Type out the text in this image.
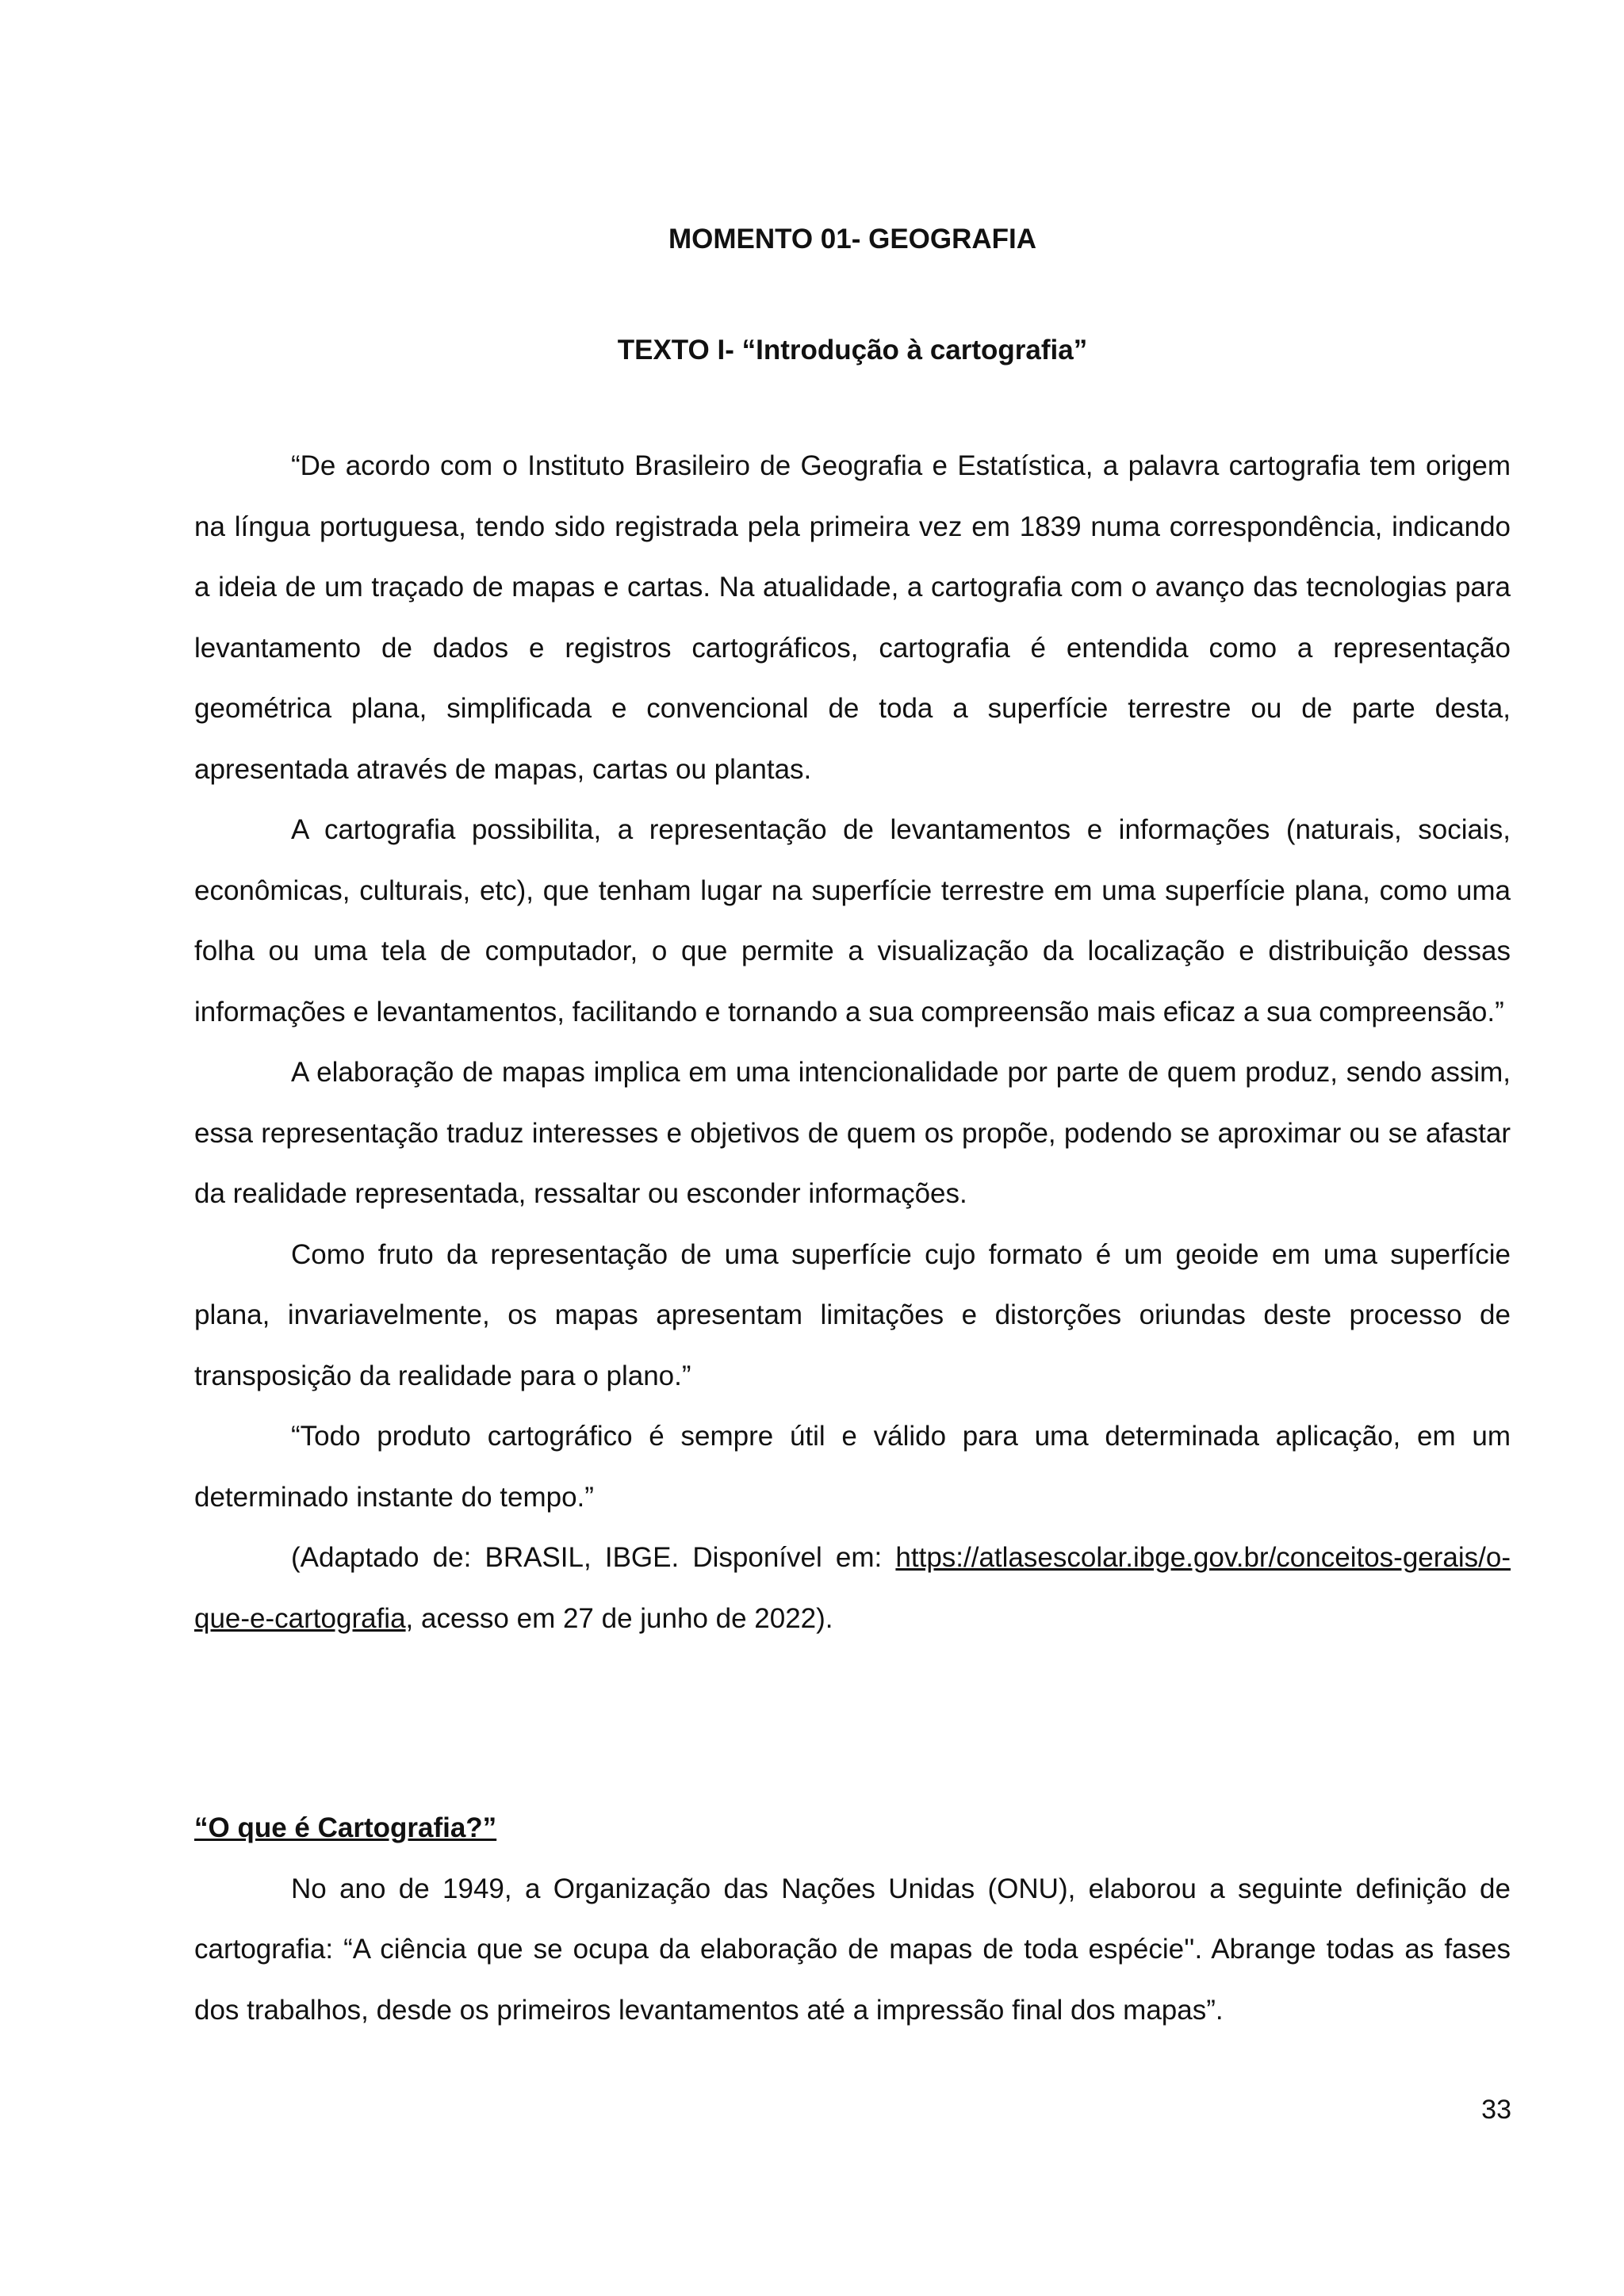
MOMENTO 01- GEOGRAFIA

TEXTO I- “Introdução à cartografia”

“De acordo com o Instituto Brasileiro de Geografia e Estatística, a palavra cartografia tem origem na língua portuguesa, tendo sido registrada pela primeira vez em 1839 numa correspondência, indicando a ideia de um traçado de mapas e cartas. Na atualidade, a cartografia com o avanço das tecnologias para levantamento de dados e registros cartográficos, cartografia é entendida como a representação geométrica plana, simplificada e convencional de toda a superfície terrestre ou de parte desta, apresentada através de mapas, cartas ou plantas.

A cartografia possibilita, a representação de levantamentos e informações (naturais, sociais, econômicas, culturais, etc), que tenham lugar na superfície terrestre em uma superfície plana, como uma folha ou uma tela de computador, o que permite a visualização da localização e distribuição dessas informações e levantamentos, facilitando e tornando a sua compreensão mais eficaz a sua compreensão.”

A elaboração de mapas implica em uma intencionalidade por parte de quem produz, sendo assim, essa representação traduz interesses e objetivos de quem os propõe, podendo se aproximar ou se afastar da realidade representada, ressaltar ou esconder informações.

Como fruto da representação de uma superfície cujo formato é um geoide em uma superfície plana, invariavelmente, os mapas apresentam limitações e distorções oriundas deste processo de transposição da realidade para o plano.”

“Todo produto cartográfico é sempre útil e válido para uma determinada aplicação, em um determinado instante do tempo.”

(Adaptado de: BRASIL, IBGE. Disponível em: https://atlasescolar.ibge.gov.br/conceitos-gerais/o-que-e-cartografia, acesso em 27 de junho de 2022).

“O que é Cartografia?”

No ano de 1949, a Organização das Nações Unidas (ONU), elaborou a seguinte definição de cartografia: “A ciência que se ocupa da elaboração de mapas de toda espécie''. Abrange todas as fases dos trabalhos, desde os primeiros levantamentos até a impressão final dos mapas”.

33
